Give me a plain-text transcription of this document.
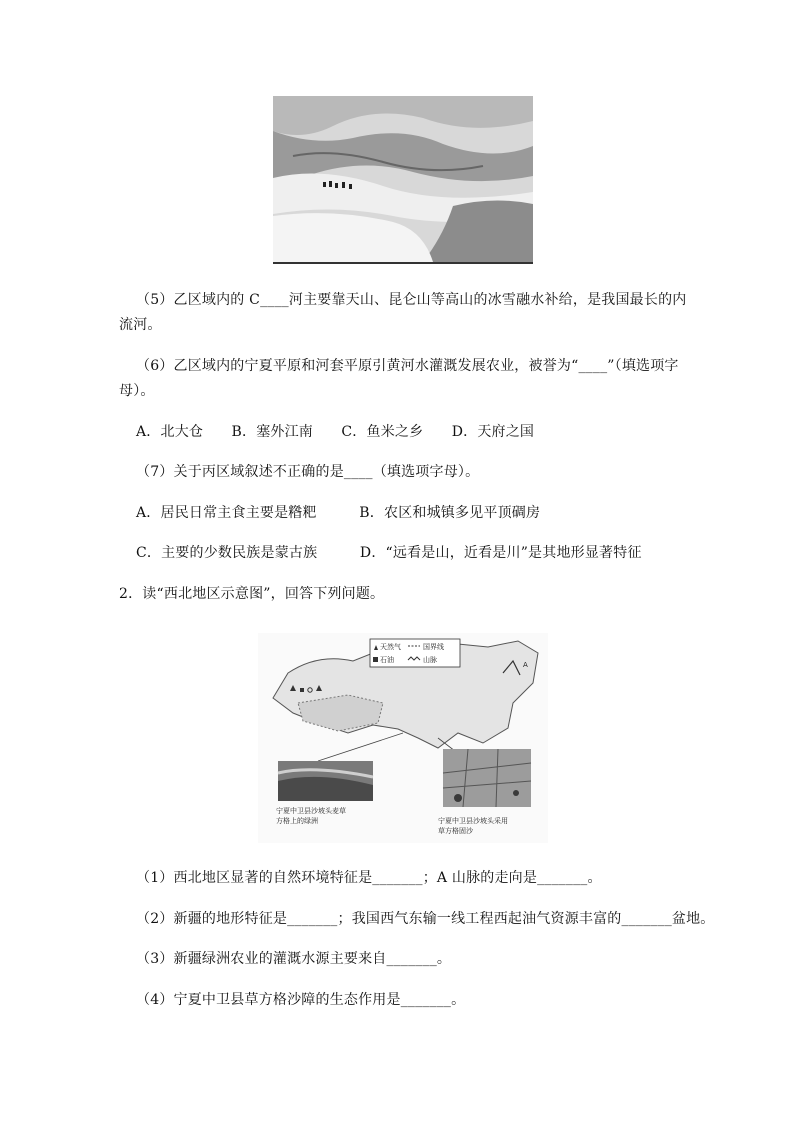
（5）乙区域内的 C____河主要靠天山、昆仑山等高山的冰雪融水补给，是我国最长的内
流河。
（6）乙区域内的宁夏平原和河套平原引黄河水灌溉发展农业，被誉为“____”（填选项字
母）。
A．北大仓　　B．塞外江南　　C．鱼米之乡　　D．天府之国
（7）关于丙区域叙述不正确的是____（填选项字母）。
A．居民日常主食主要是糌粑　　　B．农区和城镇多见平顶碉房
C．主要的少数民族是蒙古族　　　D．“远看是山，近看是川”是其地形显著特征
2．读“西北地区示意图”，回答下列问题。
A
天然气	国界线
石油	山脉
宁夏中卫县沙坡头麦草
方格上的绿洲	宁夏中卫县沙坡头采用
草方格固沙
（1）西北地区显著的自然环境特征是_______；A 山脉的走向是_______。
（2）新疆的地形特征是_______；我国西气东输一线工程西起油气资源丰富的_______盆地。
（3）新疆绿洲农业的灌溉水源主要来自_______。
（4）宁夏中卫县草方格沙障的生态作用是_______。
